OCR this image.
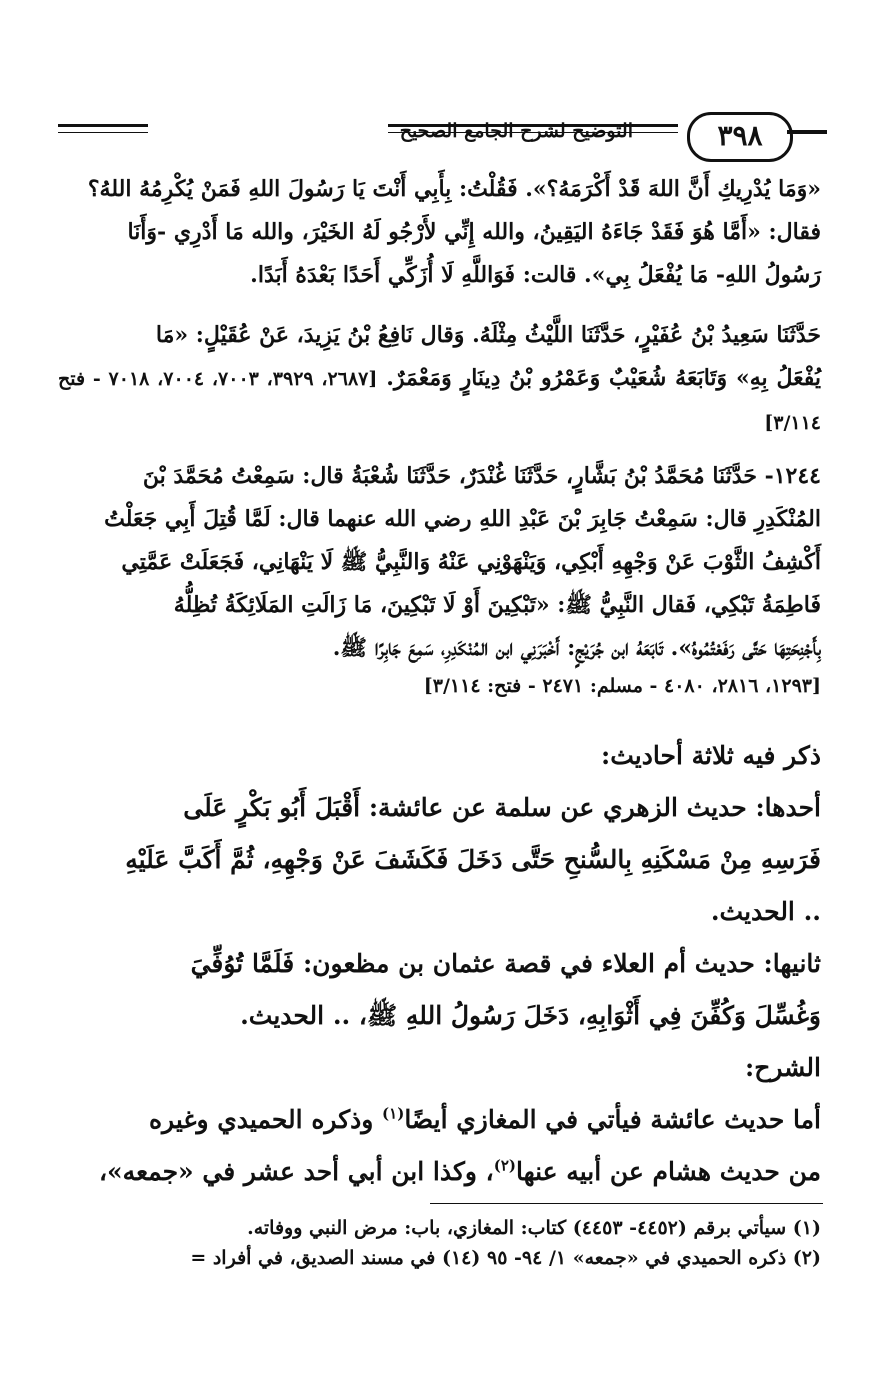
التوضيح لشرح الجامع الصحيح	٣٩٨

«وَمَا يُدْرِيكِ أَنَّ اللهَ قَدْ أَكْرَمَهُ؟». فَقُلْتُ: بِأَبِي أَنْتَ يَا رَسُولَ اللهِ فَمَنْ يُكْرِمُهُ اللهُ؟

فقال: «أَمَّا هُوَ فَقَدْ جَاءَهُ اليَقِينُ، والله إِنِّي لأَرْجُو لَهُ الخَيْرَ، والله مَا أَدْرِي -وَأَنَا

رَسُولُ اللهِ- مَا يُفْعَلُ بِي». قالت: فَوَاللَّهِ لَا أُزَكِّي أَحَدًا بَعْدَهُ أَبَدًا.

حَدَّثَنَا سَعِيدُ بْنُ عُفَيْرٍ، حَدَّثَنَا اللَّيْثُ مِثْلَهُ. وَقال نَافِعُ بْنُ يَزِيدَ، عَنْ عُقَيْلٍ: «مَا

يُفْعَلُ بِهِ» وَتَابَعَهُ شُعَيْبٌ وَعَمْرُو بْنُ دِينَارٍ وَمَعْمَرٌ. [٢٦٨٧، ٣٩٢٩، ٧٠٠٣، ٧٠٠٤، ٧٠١٨ - فتح ٣/١١٤]

١٢٤٤- حَدَّثَنَا مُحَمَّدُ بْنُ بَشَّارٍ، حَدَّثَنَا غُنْدَرٌ، حَدَّثَنَا شُعْبَةُ قال: سَمِعْتُ مُحَمَّدَ بْنَ

المُنْكَدِرِ قال: سَمِعْتُ جَابِرَ بْنَ عَبْدِ اللهِ رضي الله عنهما قال: لَمَّا قُتِلَ أَبِي جَعَلْتُ

أَكْشِفُ الثَّوْبَ عَنْ وَجْهِهِ أَبْكِي، وَيَنْهَوْنِي عَنْهُ وَالنَّبِيُّ ﷺ لَا يَنْهَانِي، فَجَعَلَتْ عَمَّتِي

فَاطِمَةُ تَبْكِي، فَقال النَّبِيُّ ﷺ: «تَبْكِينَ أَوْ لَا تَبْكِينَ، مَا زَالَتِ المَلَائِكَةُ تُظِلُّهُ

بِأَجْنِحَتِهَا حَتَّى رَفَعْتُمُوهُ». تَابَعَهُ ابن جُرَيْجٍ: أَخْبَرَنِي ابن المُنْكَدِرِ، سَمِعَ جَابِرًا ﷺ.

[١٢٩٣، ٢٨١٦، ٤٠٨٠ - مسلم: ٢٤٧١ - فتح: ٣/١١٤]

ذكر فيه ثلاثة أحاديث:

أحدها: حديث الزهري عن سلمة عن عائشة: أَقْبَلَ أَبُو بَكْرٍ عَلَى

فَرَسِهِ مِنْ مَسْكَنِهِ بِالسُّنحِ حَتَّى دَخَلَ فَكَشَفَ عَنْ وَجْهِهِ، ثُمَّ أَكَبَّ عَلَيْهِ

.. الحديث.

ثانيها: حديث أم العلاء في قصة عثمان بن مظعون: فَلَمَّا تُوُفِّيَ

وَغُسِّلَ وَكُفِّنَ فِي أَثْوَابِهِ، دَخَلَ رَسُولُ اللهِ ﷺ، .. الحديث.

الشرح:

أما حديث عائشة فيأتي في المغازي أيضًا$^{(١)}$ وذكره الحميدي وغيره

من حديث هشام عن أبيه عنها$^{(٢)}$، وكذا ابن أبي أحد عشر في «جمعه»،

(١) سيأتي برقم (٤٤٥٢- ٤٤٥٣) كتاب: المغازي، باب: مرض النبي ووفاته.

(٢) ذكره الحميدي في «جمعه» ١/ ٩٤- ٩٥ (١٤) في مسند الصديق، في أفراد =
